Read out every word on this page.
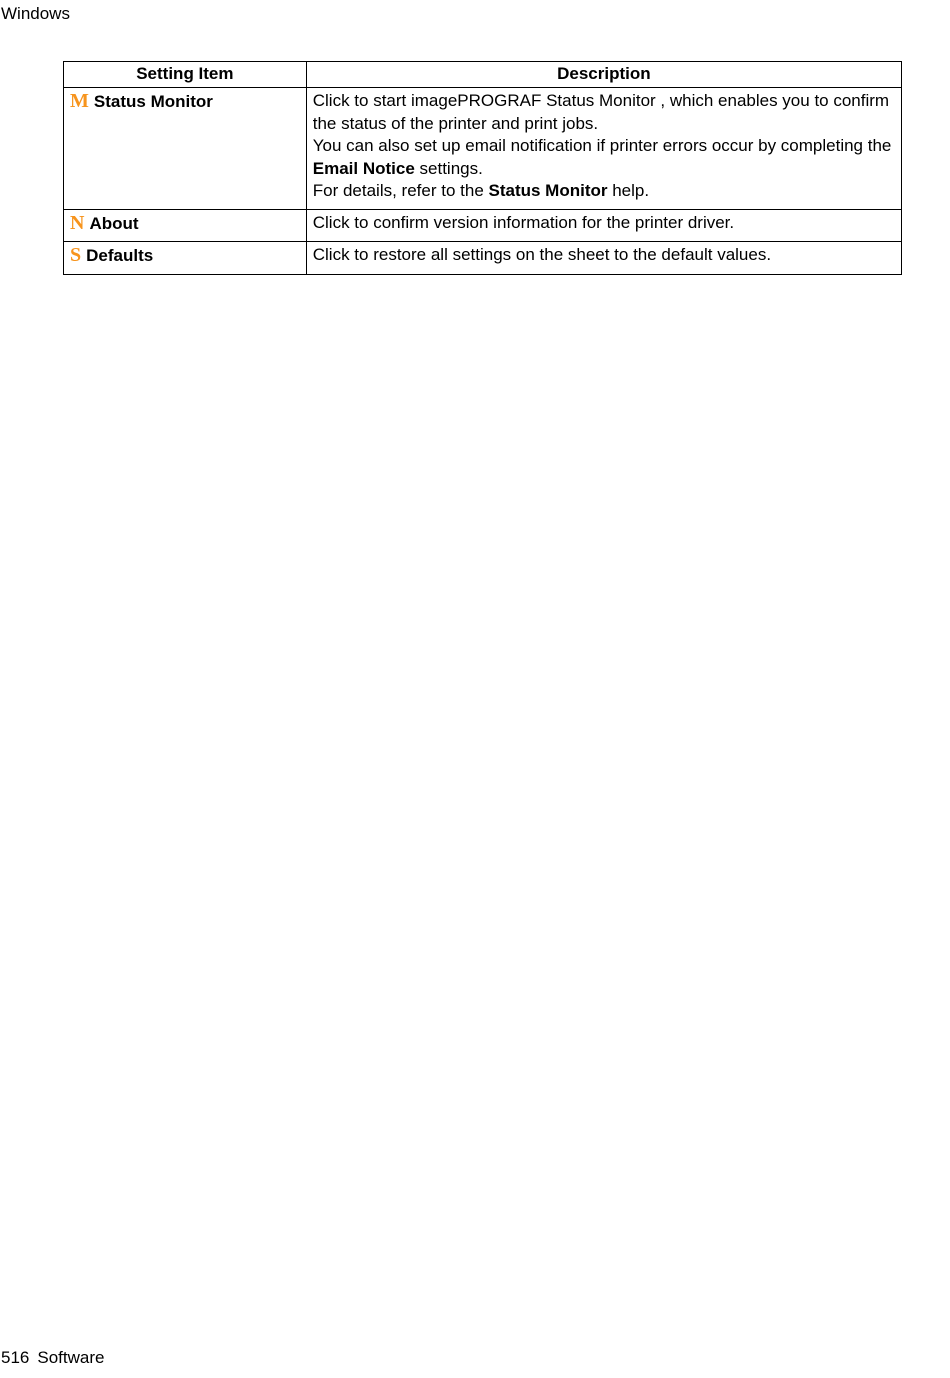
Windows
Setting Item	Description
M Status Monitor	Click to start imagePROGRAF Status Monitor , which enables you to confirm the status of the printer and print jobs.
You can also set up email notification if printer errors occur by completing the Email Notice settings.
For details, refer to the Status Monitor help.

N About	Click to confirm version information for the printer driver.
S Defaults	Click to restore all settings on the sheet to the default values.
516 Software
